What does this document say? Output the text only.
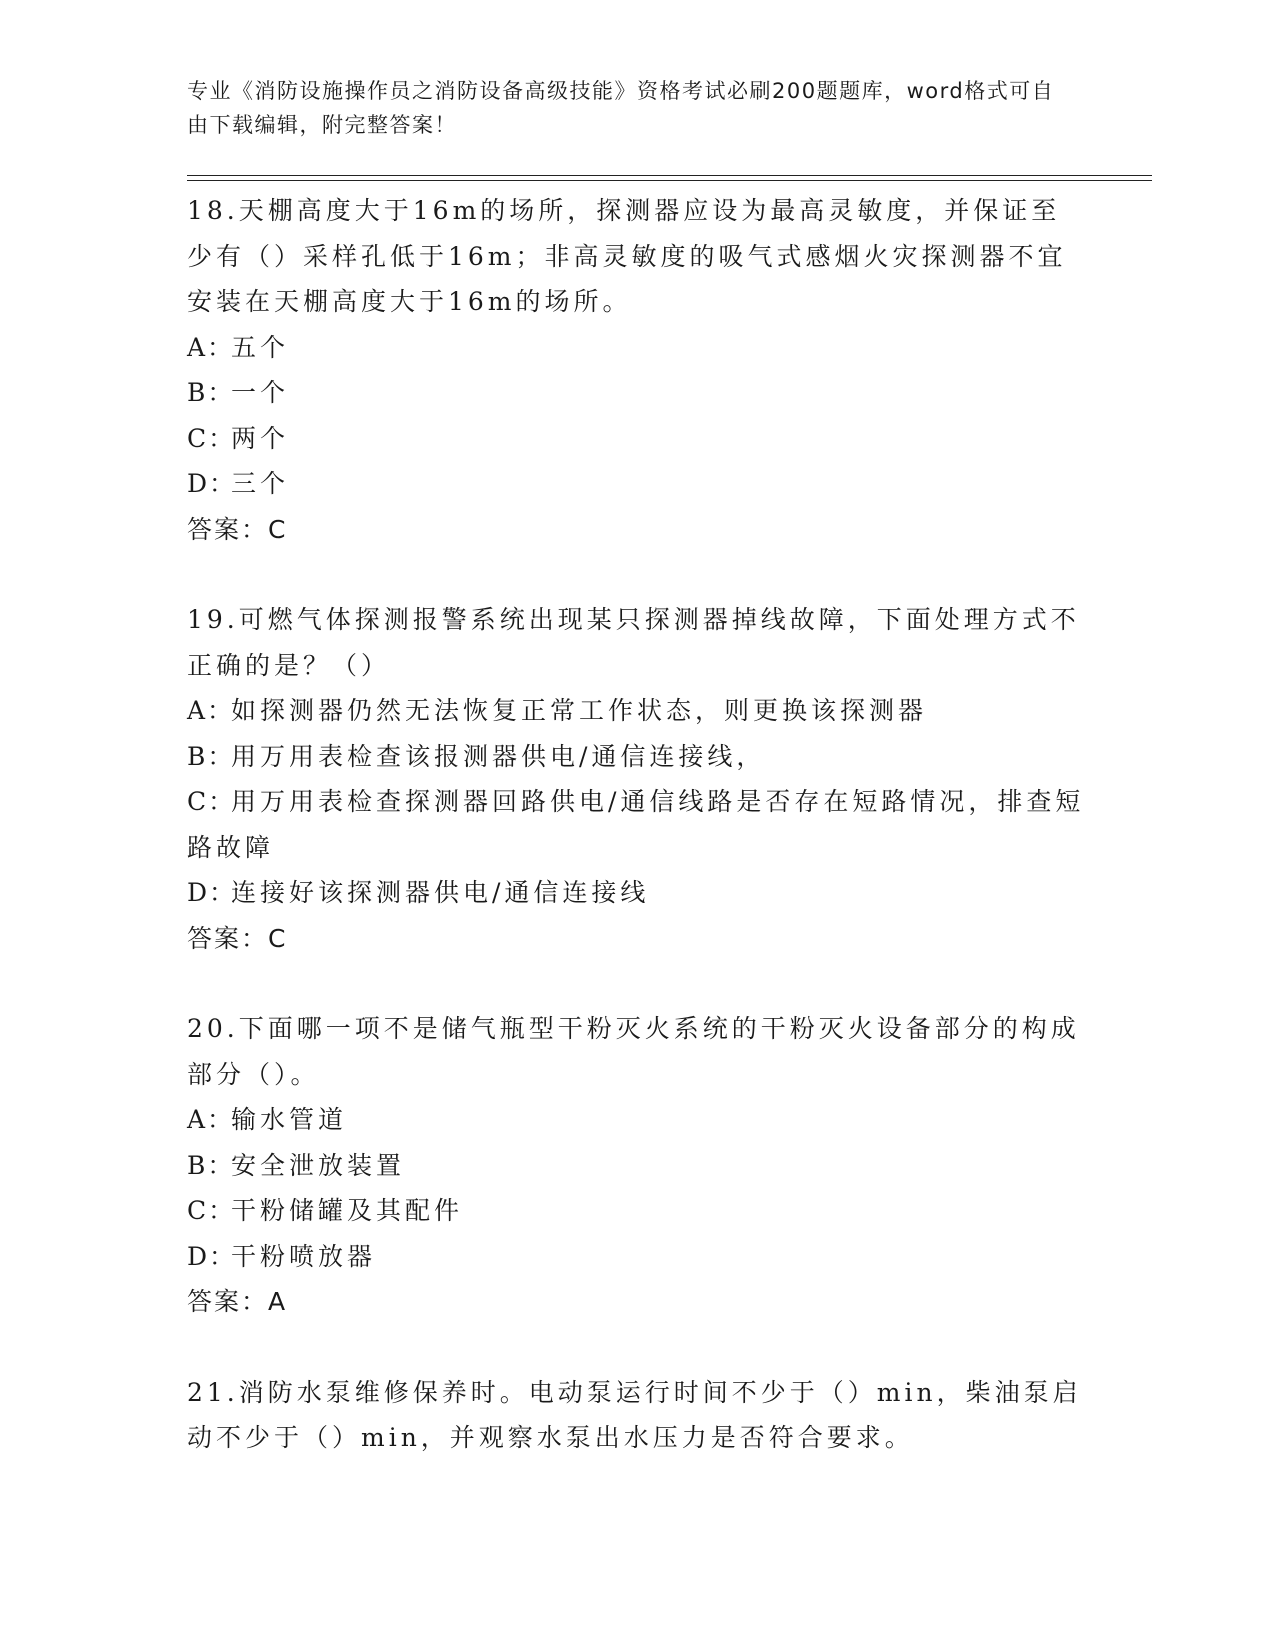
专业《消防设施操作员之消防设备高级技能》资格考试必刷200题题库，word格式可自由下载编辑，附完整答案！

18.天棚高度大于16m的场所，探测器应设为最高灵敏度，并保证至少有（）采样孔低于16m；非高灵敏度的吸气式感烟火灾探测器不宜安装在天棚高度大于16m的场所。

A：五个

B：一个

C：两个

D：三个

答案：C

19.可燃气体探测报警系统出现某只探测器掉线故障，下面处理方式不正确的是？（）

A：如探测器仍然无法恢复正常工作状态，则更换该探测器

B：用万用表检查该报测器供电/通信连接线，

C：用万用表检查探测器回路供电/通信线路是否存在短路情况，排查短路故障

D：连接好该探测器供电/通信连接线

答案：C

20.下面哪一项不是储气瓶型干粉灭火系统的干粉灭火设备部分的构成部分（）。

A：输水管道

B：安全泄放装置

C：干粉储罐及其配件

D：干粉喷放器

答案：A

21.消防水泵维修保养时。电动泵运行时间不少于（）min，柴油泵启动不少于（）min，并观察水泵出水压力是否符合要求。
